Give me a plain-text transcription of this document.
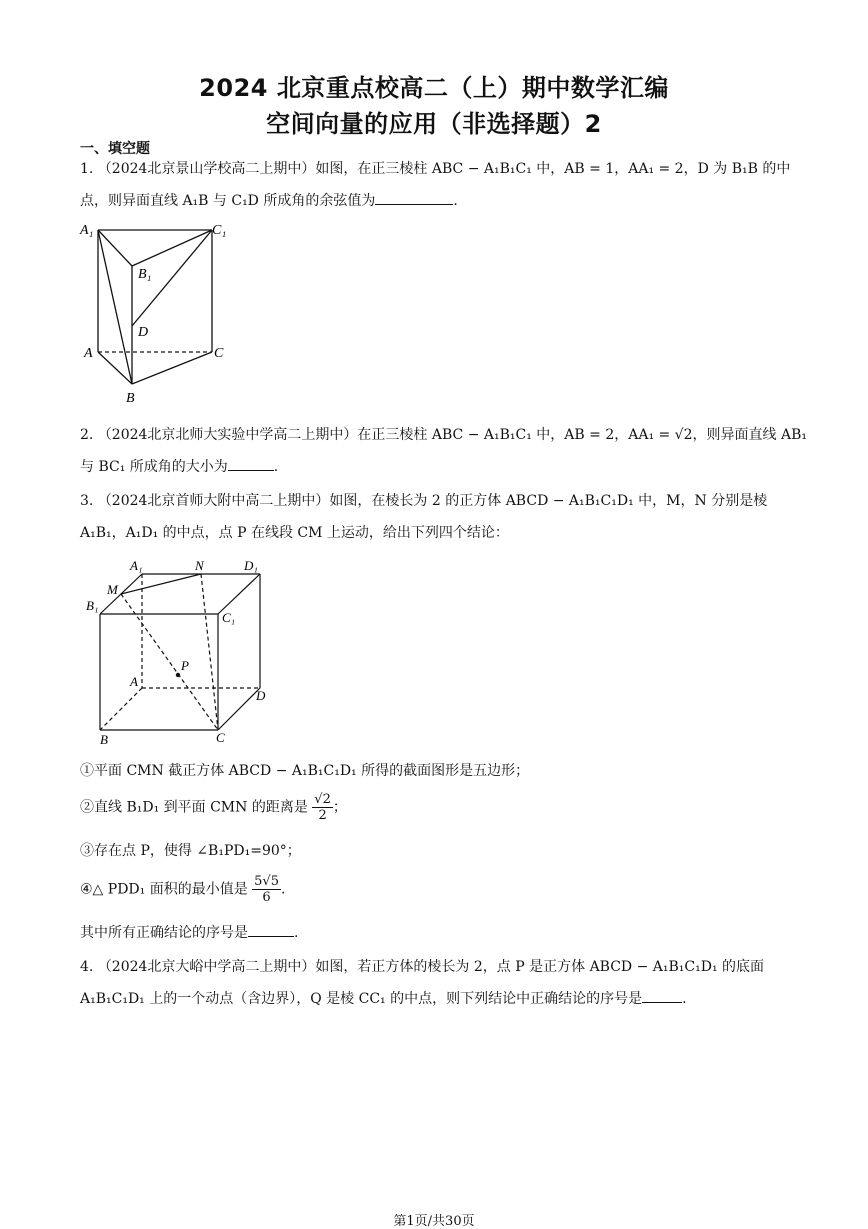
2024 北京重点校高二（上）期中数学汇编
空间向量的应用（非选择题）2
一、填空题
1. （2024北京景山学校高二上期中）如图，在正三棱柱 ABC − A₁B₁C₁ 中，AB = 1，AA₁ = 2，D 为 B₁B 的中
点，则异面直线 A₁B 与 C₁D 所成角的余弦值为	.
A₁	C₁
B₁
D
A	C
B
2. （2024北京北师大实验中学高二上期中）在正三棱柱 ABC − A₁B₁C₁ 中，AB = 2，AA₁ = √2，则异面直线 AB₁
与 BC₁ 所成角的大小为	.
3. （2024北京首师大附中高二上期中）如图，在棱长为 2 的正方体 ABCD − A₁B₁C₁D₁ 中，M，N 分别是棱
A₁B₁，A₁D₁ 的中点，点 P 在线段 CM 上运动，给出下列四个结论：
A₁	N	D₁
M
B₁
C₁
P
A
D
B	C
①平面 CMN 截正方体 ABCD − A₁B₁C₁D₁ 所得的截面图形是五边形；
②直线 B₁D₁ 到平面 CMN 的距离是 $\frac{√2}{2}$ ；
③存在点 P，使得 ∠B₁PD₁=90°；
④△ PDD₁ 面积的最小值是 $\frac{5√5}{6}$ .
其中所有正确结论的序号是	.
4. （2024北京大峪中学高二上期中）如图，若正方体的棱长为 2，点 P 是正方体 ABCD − A₁B₁C₁D₁ 的底面
A₁B₁C₁D₁ 上的一个动点（含边界），Q 是棱 CC₁ 的中点，则下列结论中正确结论的序号是	.
第1页/共30页
